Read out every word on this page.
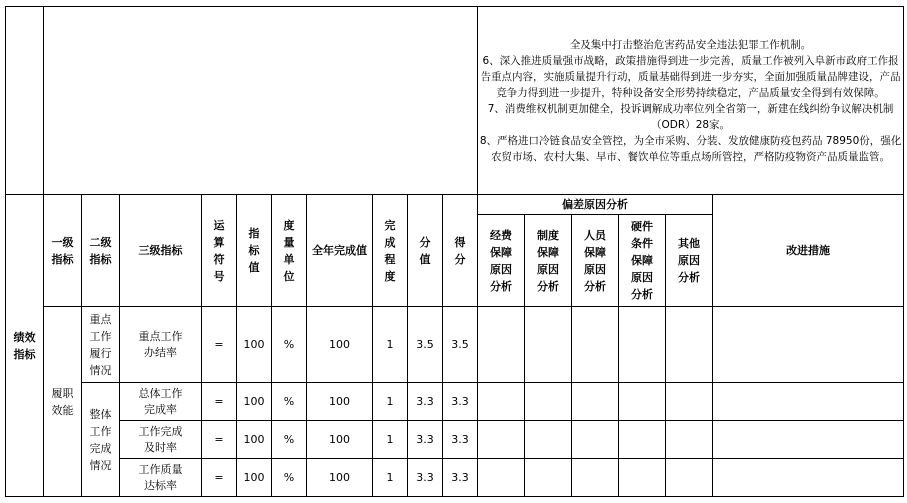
											全及集中打击整治危害药品安全违法犯罪工作机制。

6、深入推进质量强市战略，政策措施得到进一步完善，质量工作被列入阜新市政府工作报告重点内容，实施质量提升行动，质量基础得到进一步夯实，全面加强质量品牌建设，产品竞争力得到进一步提升，特种设备安全形势持续稳定，产品质量安全得到有效保障。

7、消费维权机制更加健全，投诉调解成功率位列全省第一，新建在线纠纷争议解决机制（ODR）28家。

8、严格进口冷链食品安全管控，为全市采购、分装、发放健康防疫包药品 78950份，强化农贸市场、农村大集、早市、餐饮单位等重点场所管控，严格防疫物资产品质量监管。					

绩效指标	一级指标	二级指标	三级指标	运算符号	指标值	度量单位	全年完成值	完成程度	分值	得分	偏差原因分析					改进措施

											经费保障原因分析	制度保障原因分析	人员保障原因分析	硬件条件保障原因分析	其他原因分析	

	履职效能	重点工作履行情况	重点工作办结率	=	100	%	100	1	3.5	3.5						

		整体工作完成情况	总体工作完成率	=	100	%	100	1	3.3	3.3						

			工作完成及时率	=	100	%	100	1	3.3	3.3						

			工作质量达标率	=	100	%	100	1	3.3	3.3						
